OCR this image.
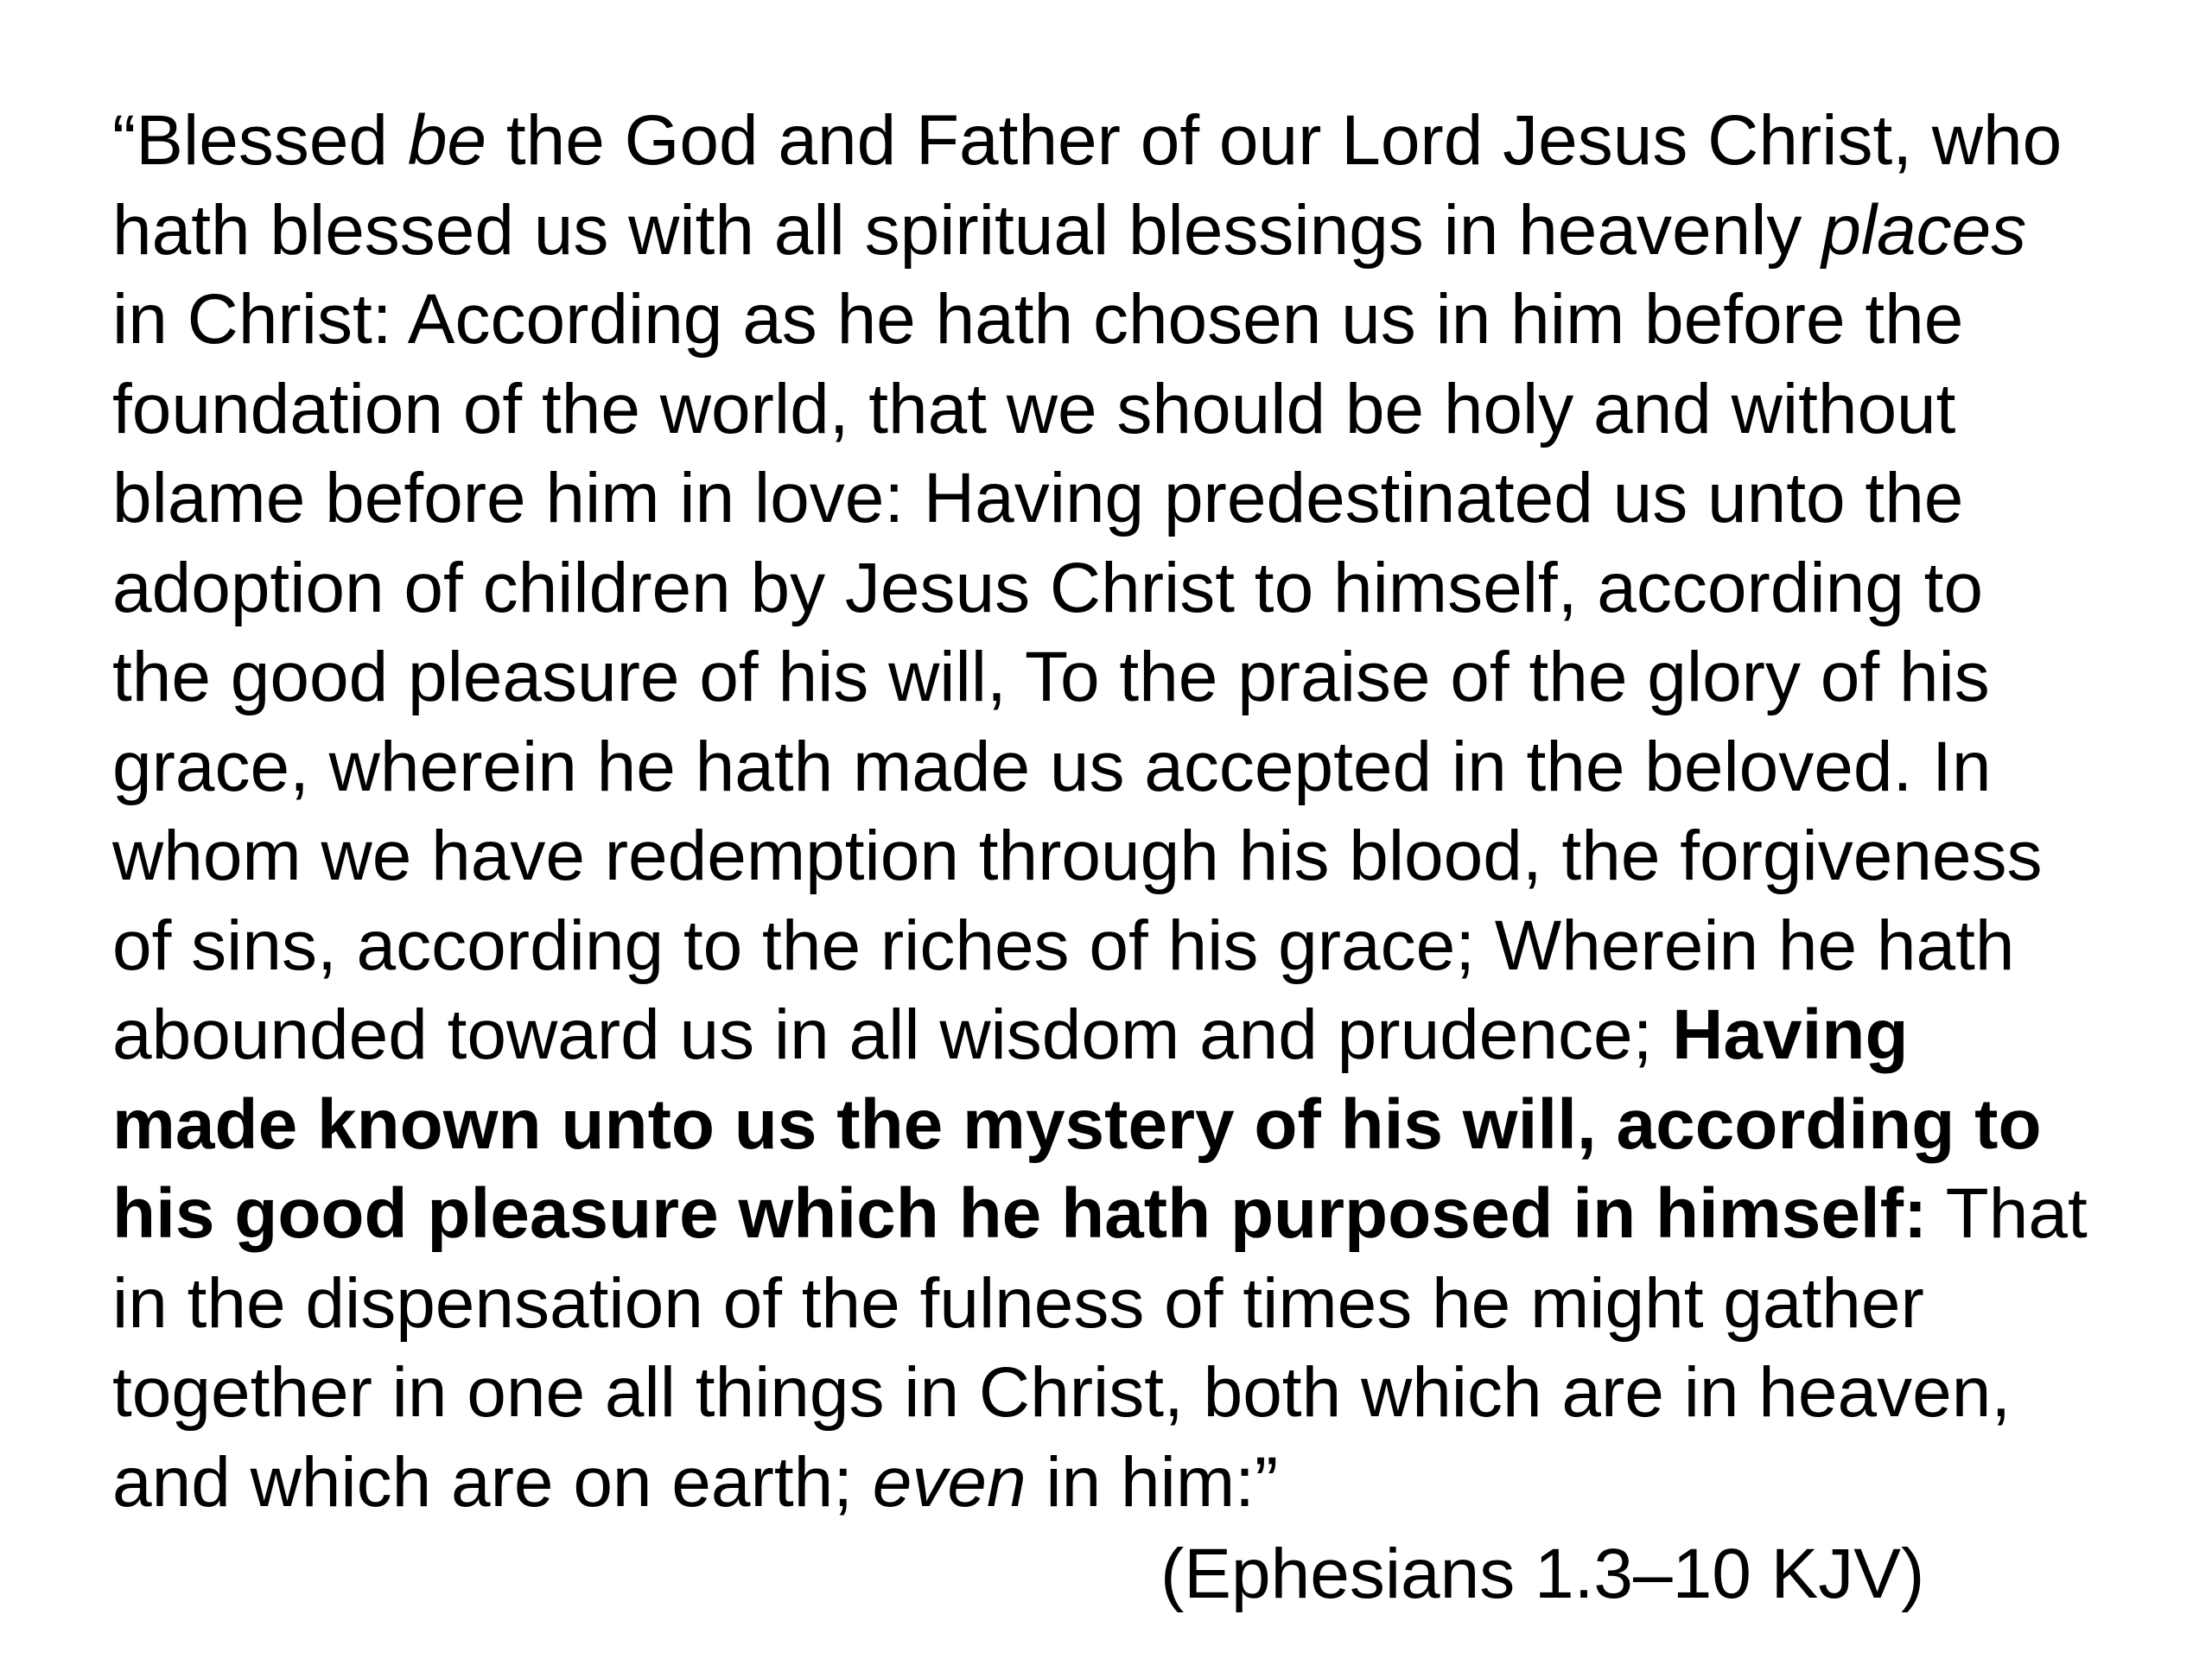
“Blessed be the God and Father of our Lord Jesus Christ, who
hath blessed us with all spiritual blessings in heavenly places
in Christ: According as he hath chosen us in him before the
foundation of the world, that we should be holy and without
blame before him in love: Having predestinated us unto the
adoption of children by Jesus Christ to himself, according to
the good pleasure of his will, To the praise of the glory of his
grace, wherein he hath made us accepted in the beloved. In
whom we have redemption through his blood, the forgiveness
of sins, according to the riches of his grace; Wherein he hath
abounded toward us in all wisdom and prudence; Having
made known unto us the mystery of his will, according to
his good pleasure which he hath purposed in himself: That
in the dispensation of the fulness of times he might gather
together in one all things in Christ, both which are in heaven,
and which are on earth; even in him:”
(Ephesians 1.3–10 KJV)
